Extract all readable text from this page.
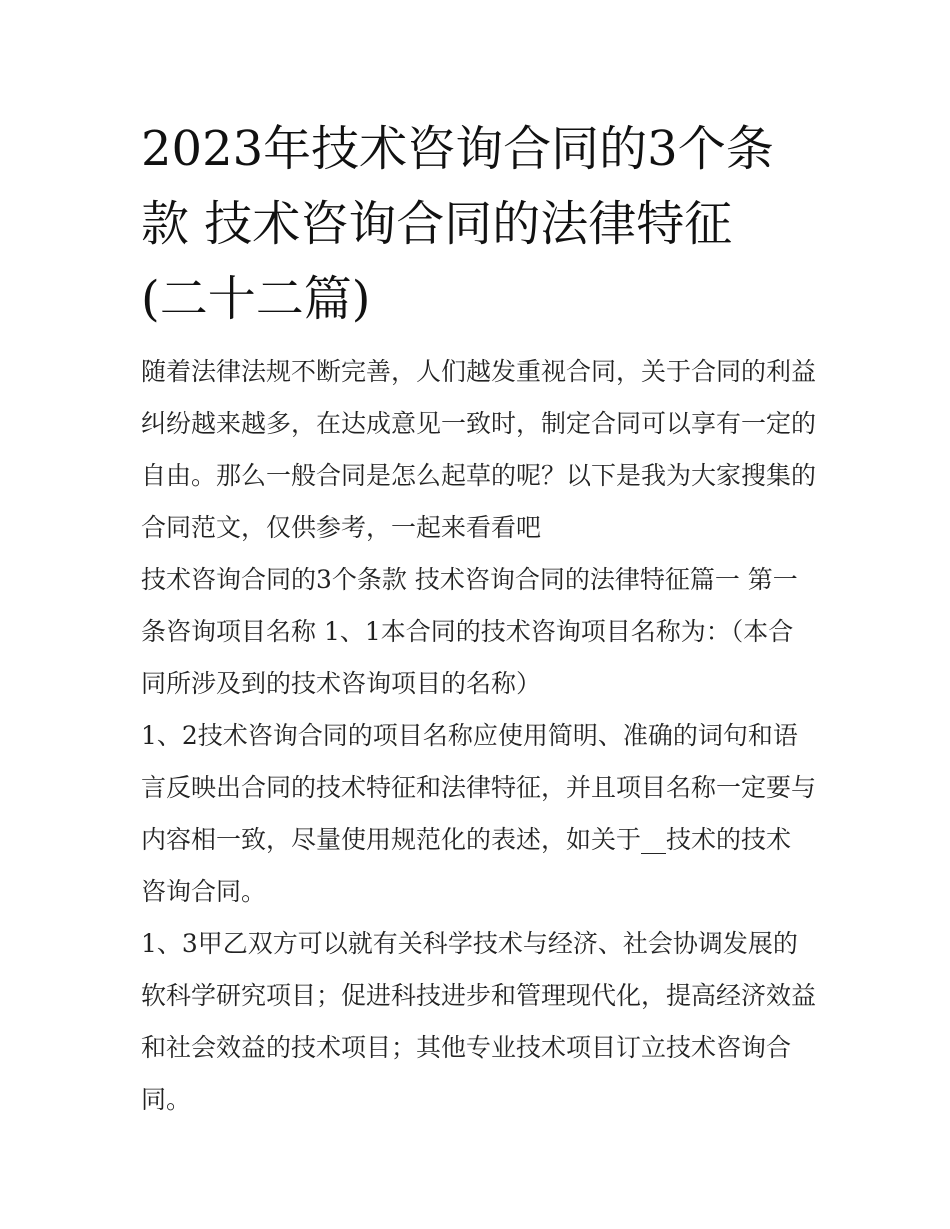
2023年技术咨询合同的3个条
款 技术咨询合同的法律特征
(二十二篇)
随着法律法规不断完善，人们越发重视合同，关于合同的利益
纠纷越来越多，在达成意见一致时，制定合同可以享有一定的
自由。那么一般合同是怎么起草的呢？以下是我为大家搜集的
合同范文，仅供参考，一起来看看吧
技术咨询合同的3个条款 技术咨询合同的法律特征篇一 第一
条咨询项目名称 1、1本合同的技术咨询项目名称为：（本合
同所涉及到的技术咨询项目的名称）
1、2技术咨询合同的项目名称应使用简明、准确的词句和语
言反映出合同的技术特征和法律特征，并且项目名称一定要与
内容相一致，尽量使用规范化的表述，如关于__技术的技术
咨询合同。
1、3甲乙双方可以就有关科学技术与经济、社会协调发展的
软科学研究项目；促进科技进步和管理现代化，提高经济效益
和社会效益的技术项目；其他专业技术项目订立技术咨询合
同。
